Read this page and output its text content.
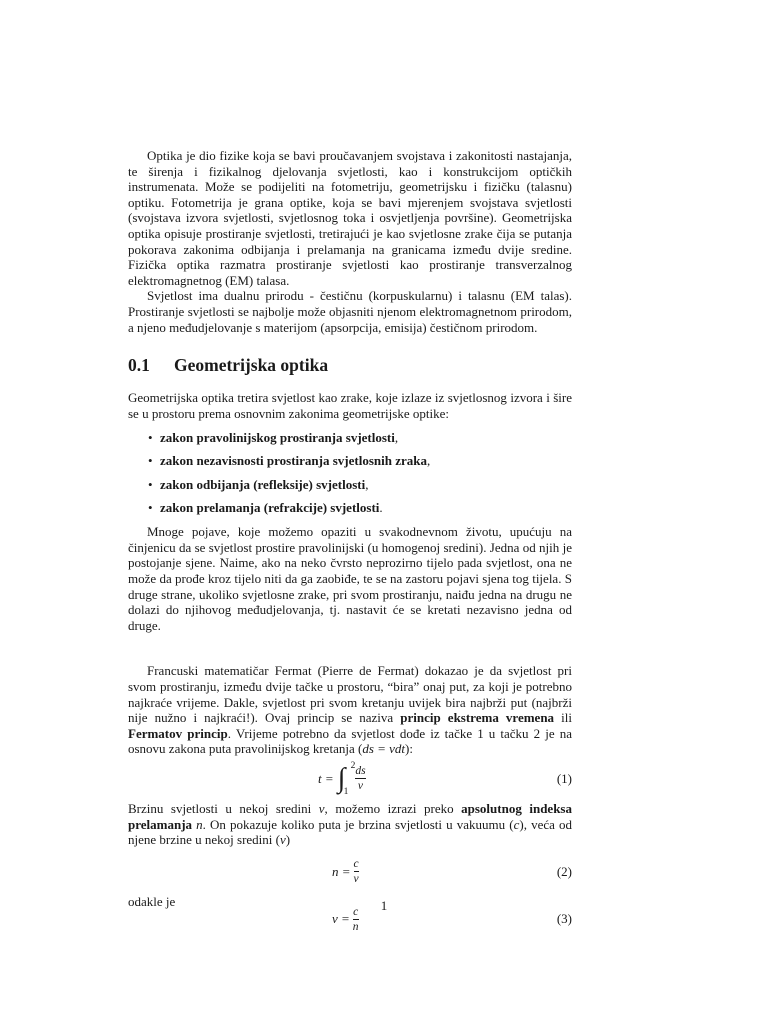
Optika je dio fizike koja se bavi proučavanjem svojstava i zakonitosti nastajanja, te širenja i fizikalnog djelovanja svjetlosti, kao i konstrukcijom optičkih instrumenata. Može se podijeliti na fotometriju, geometrijsku i fizičku (talasnu) optiku. Fotometrija je grana optike, koja se bavi mjerenjem svojstava svjetlosti (svojstava izvora svjetlosti, svjetlosnog toka i osvjetljenja površine). Geometrijska optika opisuje prostiranje svjetlosti, tretirajući je kao svjetlosne zrake čija se putanja pokorava zakonima odbijanja i prelamanja na granicama između dvije sredine. Fizička optika razmatra prostiranje svjetlosti kao prostiranje transverzalnog elektromagnetnog (EM) talasa.

Svjetlost ima dualnu prirodu - čestičnu (korpuskularnu) i talasnu (EM talas). Prostiranje svjetlosti se najbolje može objasniti njenom elektromagnetnom prirodom, a njeno međudjelovanje s materijom (apsorpcija, emisija) čestičnom prirodom.

0.1 Geometrijska optika

Geometrijska optika tretira svjetlost kao zrake, koje izlaze iz svjetlosnog izvora i šire se u prostoru prema osnovnim zakonima geometrijske optike:

• zakon pravolinijskog prostiranja svjetlosti,
• zakon nezavisnosti prostiranja svjetlosnih zraka,
• zakon odbijanja (refleksije) svjetlosti,
• zakon prelamanja (refrakcije) svjetlosti.

Mnoge pojave, koje možemo opaziti u svakodnevnom životu, upućuju na činjenicu da se svjetlost prostire pravolinijski (u homogenoj sredini). Jedna od njih je postojanje sjene. Naime, ako na neko čvrsto neprozirno tijelo pada svjetlost, ona ne može da prođe kroz tijelo niti da ga zaobiđe, te se na zastoru pojavi sjena tog tijela. S druge strane, ukoliko svjetlosne zrake, pri svom prostiranju, naiđu jedna na drugu ne dolazi do njihovog međudjelovanja, tj. nastavit će se kretati nezavisno jedna od druge.

Francuski matematičar Fermat (Pierre de Fermat) dokazao je da svjetlost pri svom prostiranju, između dvije tačke u prostoru, “bira” onaj put, za koji je potrebno najkraće vrijeme. Dakle, svjetlost pri svom kretanju uvijek bira najbrži put (najbrži nije nužno i najkraći!). Ovaj princip se naziva princip ekstrema vremena ili Fermatov princip. Vrijeme potrebno da svjetlost dođe iz tačke 1 u tačku 2 je na osnovu zakona puta pravolinijskog kretanja (ds = vdt):

t = ∫ 2
$1 \frac{ds}{v}$	(1)

Brzinu svjetlosti u nekoj sredini v, možemo izrazi preko apsolutnog indeksa prelamanja n. On pokazuje koliko puta je brzina svjetlosti u vakuumu (c), veća od njene brzine u nekoj sredini (v)

$n = \frac{c}{v}$	(2)

odakle je

$v = \frac{c}{n}$	(3)
1
